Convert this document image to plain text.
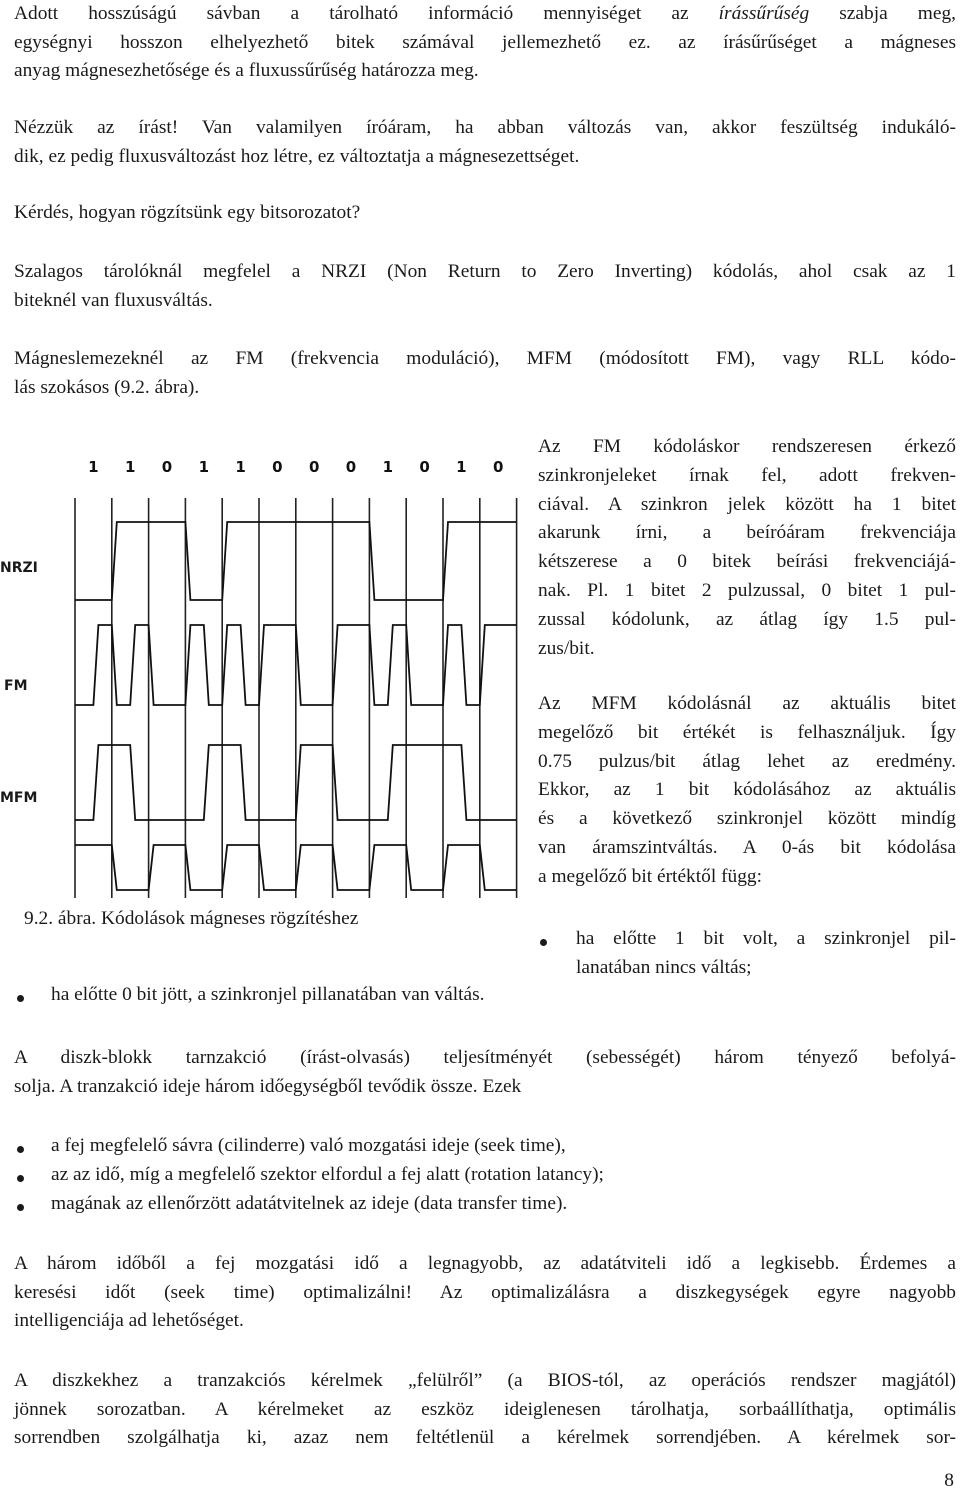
Adott hosszúságú sávban a tárolható információ mennyiséget az írássűrűség szabja meg,
egységnyi hosszon elhelyezhető bitek számával jellemezhető ez. az írásűrűséget a mágneses
anyag mágnesezhetősége és a fluxussűrűség határozza meg.
Nézzük az írást! Van valamilyen íróáram, ha abban változás van, akkor feszültség indukáló-
dik, ez pedig fluxusváltozást hoz létre, ez változtatja a mágnesezettséget.
Kérdés, hogyan rögzítsünk egy bitsorozatot?
Szalagos tárolóknál megfelel a NRZI (Non Return to Zero Inverting) kódolás, ahol csak az 1
biteknél van fluxusváltás.
Mágneslemezeknél az FM (frekvencia moduláció), MFM (módosított FM), vagy RLL kódo-
lás szokásos (9.2. ábra).
1 1 0 1 1 0 0 0 1 0 1 0
NRZI
FM
MFM
Az FM kódoláskor rendszeresen érkező
szinkronjeleket írnak fel, adott frekven-
ciával. A szinkron jelek között ha 1 bitet
akarunk írni, a beíróáram frekvenciája
kétszerese a 0 bitek beírási frekvenciájá-
nak. Pl. 1 bitet 2 pulzussal, 0 bitet 1 pul-
zussal kódolunk, az átlag így 1.5 pul-
zus/bit.
Az MFM kódolásnál az aktuális bitet
megelőző bit értékét is felhasználjuk. Így
0.75 pulzus/bit átlag lehet az eredmény.
Ekkor, az 1 bit kódolásához az aktuális
és a következő szinkronjel között mindíg
van áramszintváltás. A 0-ás bit kódolása
a megelőző bit értéktől függ:
9.2. ábra. Kódolások mágneses rögzítéshez
ha előtte 1 bit volt, a szinkronjel pil-
lanatában nincs váltás;
ha előtte 0 bit jött, a szinkronjel pillanatában van váltás.
A diszk-blokk tarnzakció (írást-olvasás) teljesítményét (sebességét) három tényező befolyá-
solja. A tranzakció ideje három időegységből tevődik össze. Ezek
a fej megfelelő sávra (cilinderre) való mozgatási ideje (seek time),
az az idő, míg a megfelelő szektor elfordul a fej alatt (rotation latancy);
magának az ellenőrzött adatátvitelnek az ideje (data transfer time).
A három időből a fej mozgatási idő a legnagyobb, az adatátviteli idő a legkisebb. Érdemes a
keresési időt (seek time) optimalizálni! Az optimalizálásra a diszkegységek egyre nagyobb
intelligenciája ad lehetőséget.
A diszkekhez a tranzakciós kérelmek „felülről” (a BIOS-tól, az operációs rendszer magjától)
jönnek sorozatban. A kérelmeket az eszköz ideiglenesen tárolhatja, sorbaállíthatja, optimális
sorrendben szolgálhatja ki, azaz nem feltétlenül a kérelmek sorrendjében. A kérelmek sor-
8
